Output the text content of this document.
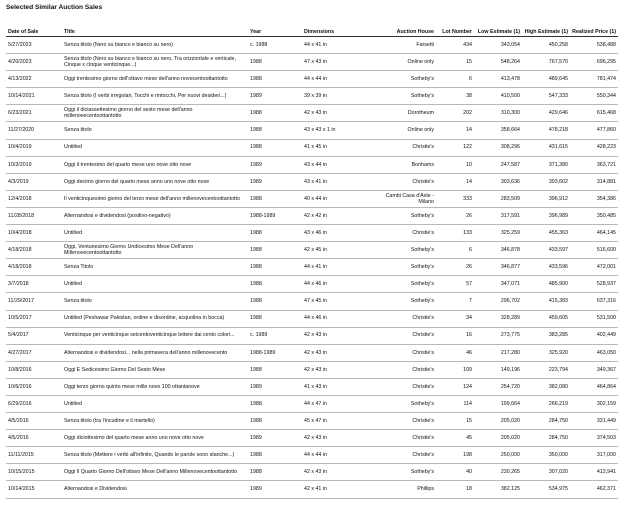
Selected Similar Auction Sales
Date of Sale	Title	Year	Dimensions	Auction House	Lot Number	Low Estimate (1)	High Estimate (1)	Realized Price (1)
5/27/2023	Senza titolo (Nero su bianco e bianco su nero)	c. 1988	44 x 41 in	Farsetti	434	343,054	450,258	538,488
4/20/2023	Senza titolo (Nero su bianco e bianco su nero, Tra orizzontale e verticale, Cinque x cinque venticinque...)	1988	47 x 43 in	Online only	15	548,264	767,570	696,295
4/13/2022	Oggi trentesimo giorno dell'ottavo mese dell'anno novecentoottantotto	1988	44 x 44 in	Sotheby's	6	413,478	489,645	781,474
10/14/2021	Senza titolo (I verbi irregolari, Tocchi e rintocchi, Per nuovi desideri...)	1989	39 x 39 in	Sotheby's	38	410,500	547,333	550,344
6/23/2021	Oggi il diciassettesimo giorno del sesto mese dell'anno millenovecentoottantotto	1988	42 x 43 in	Dorotheum	202	310,300	429,646	615,468
11/27/2020	Senza titolo	1988	43 x 43 x 1 in	Online only	14	358,664	478,218	477,860
10/4/2019	Untitled	1988	41 x 45 in	Christie's	122	308,296	431,615	428,223
10/3/2019	Oggi il trentesimo del quarto mese uno nove otto nove	1989	43 x 44 in	Bonhams	10	247,587	371,380	363,721
4/3/2019	Oggi decimo giorno del quarto mese anno uno nove otto nove	1989	43 x 41 in	Christie's	14	303,636	393,602	314,881
12/4/2018	Il venticinquesimo giorno del terzo mese dell'anno millenovecentoottantotto	1988	40 x 44 in	Cambi Casa d'Aste - Milano	333	283,509	396,912	354,386
11/28/2018	Alternandosi e dividendosi (positivo-negativo)	1988-1989	42 x 42 in	Sotheby's	26	317,591	396,989	350,485
10/4/2018	Untitled	1988	43 x 46 in	Christie's	133	325,259	455,363	464,145
4/18/2018	Oggi, Ventunesimo Giorno Undicesimo Mese Dell'anno Millenovecentoottantotto	1988	42 x 45 in	Sotheby's	6	346,878	433,597	516,600
4/18/2018	Senza Titolo	1988	44 x 41 in	Sotheby's	26	346,877	433,596	472,001
3/7/2018	Untitled	1988	44 x 46 in	Sotheby's	57	347,071	485,900	528,937
11/29/2017	Senza titolo	1988	47 x 45 in	Sotheby's	7	296,702	415,383	637,316
10/5/2017	Untitled (Peshawar Pakistan, ordine e disordine, acquolina in bocca)	1988	44 x 46 in	Christie's	34	328,289	459,605	531,500
5/4/2017	Venticinque per venticinque seicentoventicinque lettere dai cento colori...	c. 1989	42 x 43 in	Christie's	16	273,775	383,285	402,449
4/27/2017	Alternandosi e dividendosi... nella primavera dell'anno millenovecento	1988-1989	42 x 43 in	Christie's	46	217,280	325,920	463,050
10/8/2016	Oggi E Sedicesimo Giorno Del Sesto Mese	1988	42 x 43 in	Christie's	109	149,196	223,794	349,367
10/6/2016	Oggi terzo giorno quinto mese mille nove 100 ottantanove	1989	41 x 43 in	Christie's	124	254,720	382,080	464,864
6/29/2016	Untitled	1988	44 x 47 in	Sotheby's	114	199,664	266,219	302,159
4/5/2016	Senza titolo (tra l'incudine e il martello)	1988	45 x 47 in	Christie's	15	205,020	284,750	331,449
4/5/2016	Oggi diciottesimo del quarto mese anno uno nove otto nove	1989	42 x 43 in	Christie's	45	205,020	284,750	374,503
11/11/2015	Senza titolo (Mettere i verbi all'infinito, Quando le parole sono stanche...)	1988	44 x 44 in	Christie's	198	250,000	350,000	317,000
10/15/2015	Oggi Il Quarto Giorno Dell'ottavo Mese Dell'anno Millenovecentoottantotto	1988	42 x 43 in	Sotheby's	40	230,265	307,020	412,941
10/14/2015	Alternandosi e Dividendosi	1989	42 x 41 in	Phillips	18	382,125	534,975	462,371
